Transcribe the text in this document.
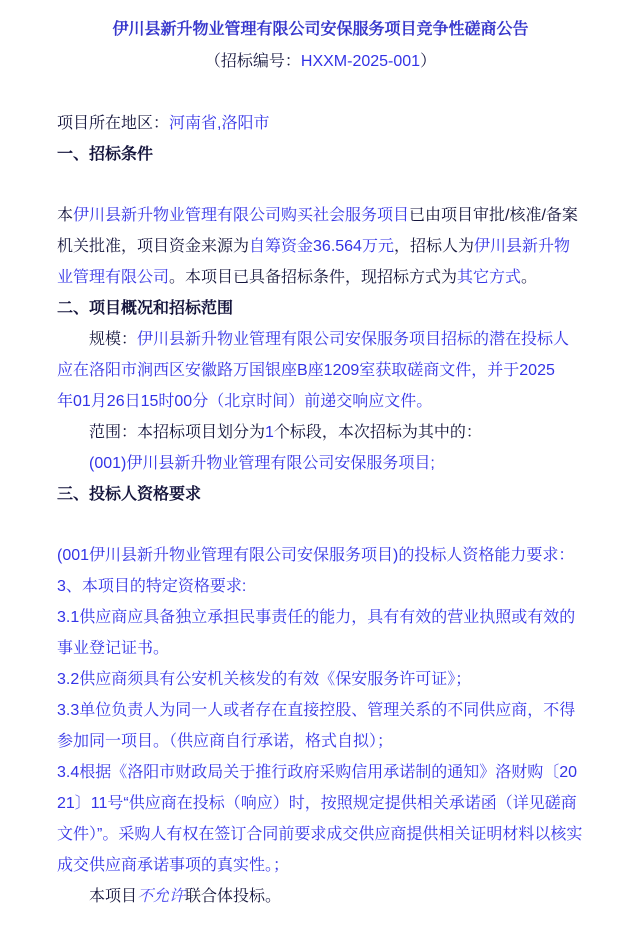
伊川县新升物业管理有限公司安保服务项目竞争性磋商公告
（招标编号：HXXM-2025-001）
项目所在地区：河南省,洛阳市
一、招标条件
本伊川县新升物业管理有限公司购买社会服务项目已由项目审批/核准/备案机关批准，项目资金来源为自筹资金36.564万元，招标人为伊川县新升物业管理有限公司。本项目已具备招标条件，现招标方式为其它方式。
二、项目概况和招标范围
规模：伊川县新升物业管理有限公司安保服务项目招标的潜在投标人应在洛阳市涧西区安徽路万国银座B座1209室获取磋商文件，并于2025
年01月26日15时00分（北京时间）前递交响应文件。
范围：本招标项目划分为1个标段，本次招标为其中的：
(001)伊川县新升物业管理有限公司安保服务项目;
三、投标人资格要求
(001伊川县新升物业管理有限公司安保服务项目)的投标人资格能力要求：3、本项目的特定资格要求:
3.1供应商应具备独立承担民事责任的能力，具有有效的营业执照或有效的事业登记证书。
3.2供应商须具有公安机关核发的有效《保安服务许可证》；
3.3单位负责人为同一人或者存在直接控股、管理关系的不同供应商，不得参加同一项目。（供应商自行承诺，格式自拟）；
3.4根据《洛阳市财政局关于推行政府采购信用承诺制的通知》洛财购〔2021〕11号“供应商在投标（响应）时，按照规定提供相关承诺函（详见磋商文件）”。采购人有权在签订合同前要求成交供应商提供相关证明材料以核实成交供应商承诺事项的真实性。；
本项目不允许联合体投标。
